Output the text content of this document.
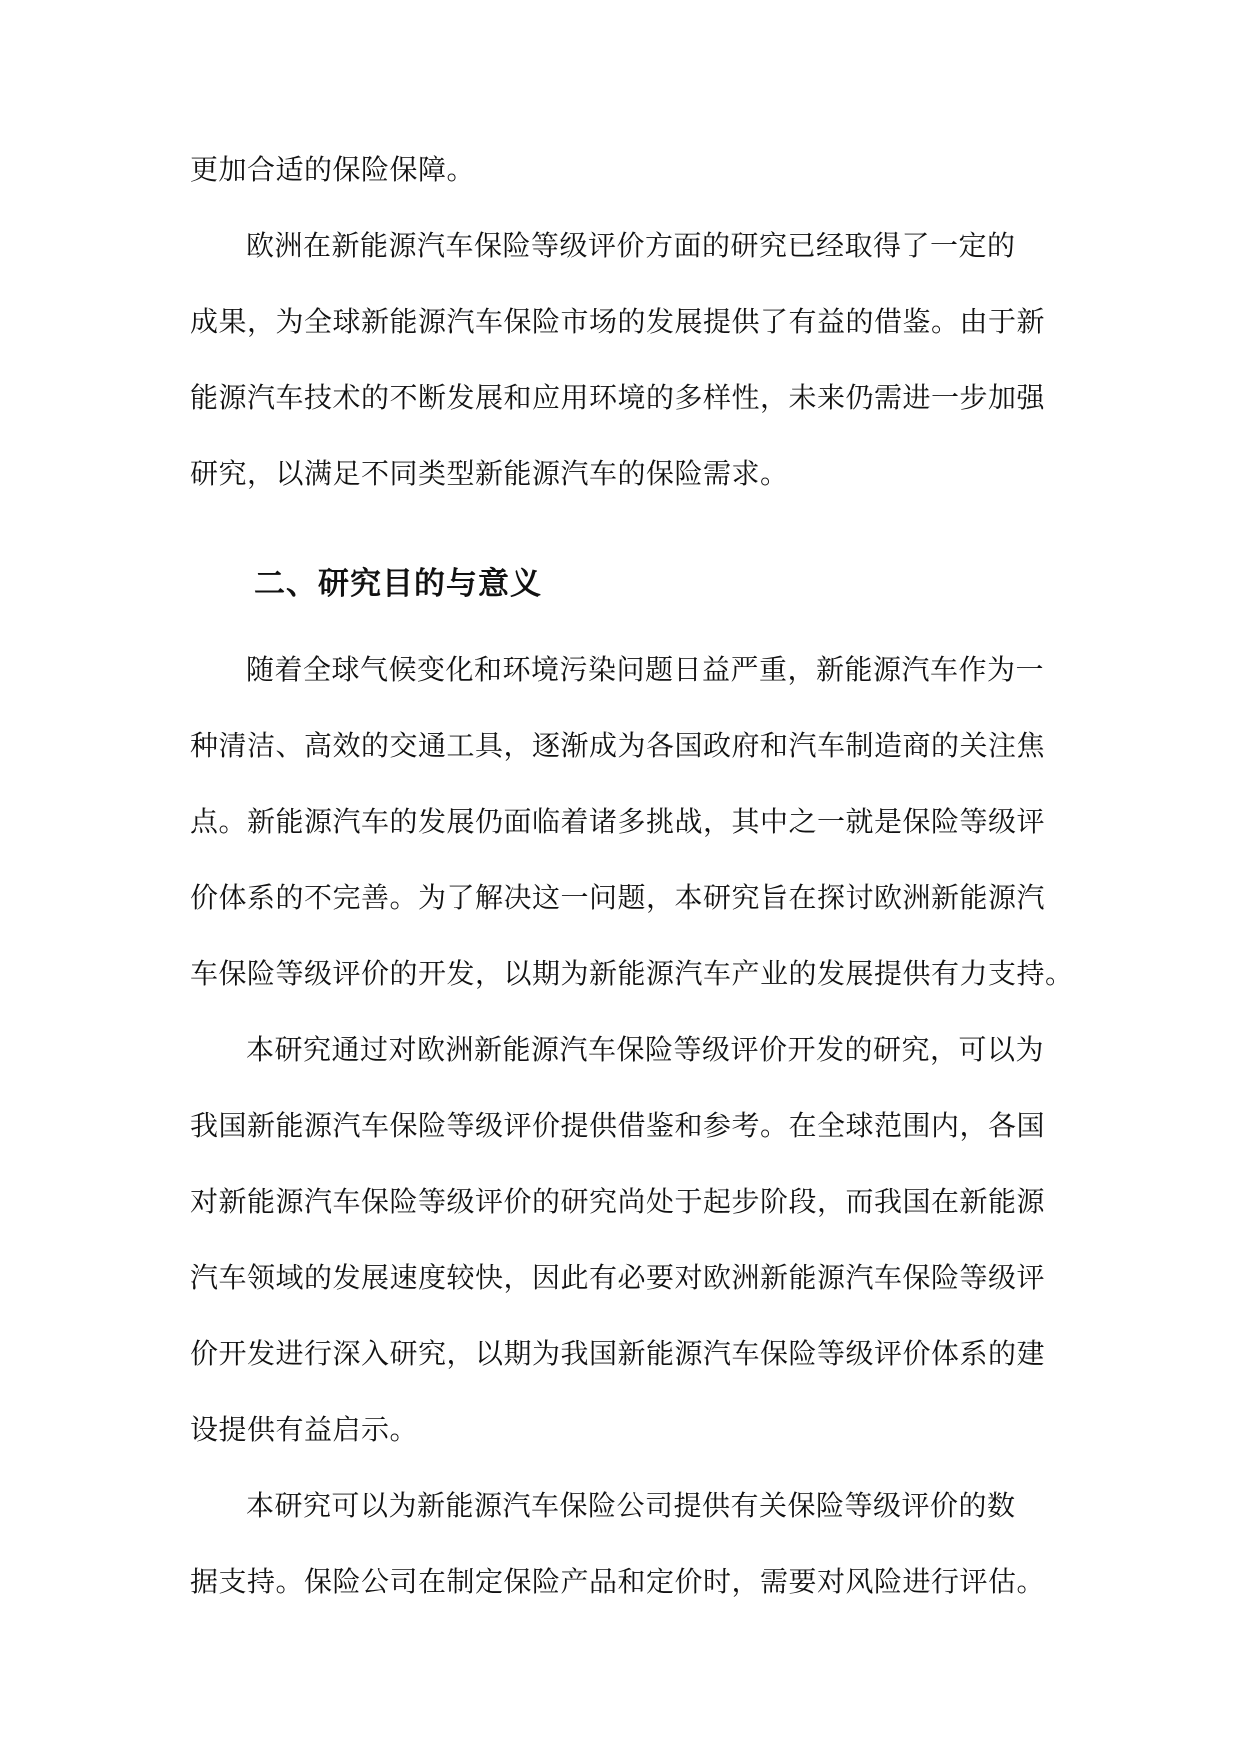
更加合适的保险保障。
欧洲在新能源汽车保险等级评价方面的研究已经取得了一定的
成果，为全球新能源汽车保险市场的发展提供了有益的借鉴。由于新
能源汽车技术的不断发展和应用环境的多样性，未来仍需进一步加强
研究，以满足不同类型新能源汽车的保险需求。
二、研究目的与意义
随着全球气候变化和环境污染问题日益严重，新能源汽车作为一
种清洁、高效的交通工具，逐渐成为各国政府和汽车制造商的关注焦
点。新能源汽车的发展仍面临着诸多挑战，其中之一就是保险等级评
价体系的不完善。为了解决这一问题，本研究旨在探讨欧洲新能源汽
车保险等级评价的开发，以期为新能源汽车产业的发展提供有力支持。
本研究通过对欧洲新能源汽车保险等级评价开发的研究，可以为
我国新能源汽车保险等级评价提供借鉴和参考。在全球范围内，各国
对新能源汽车保险等级评价的研究尚处于起步阶段，而我国在新能源
汽车领域的发展速度较快，因此有必要对欧洲新能源汽车保险等级评
价开发进行深入研究，以期为我国新能源汽车保险等级评价体系的建
设提供有益启示。
本研究可以为新能源汽车保险公司提供有关保险等级评价的数
据支持。保险公司在制定保险产品和定价时，需要对风险进行评估。
